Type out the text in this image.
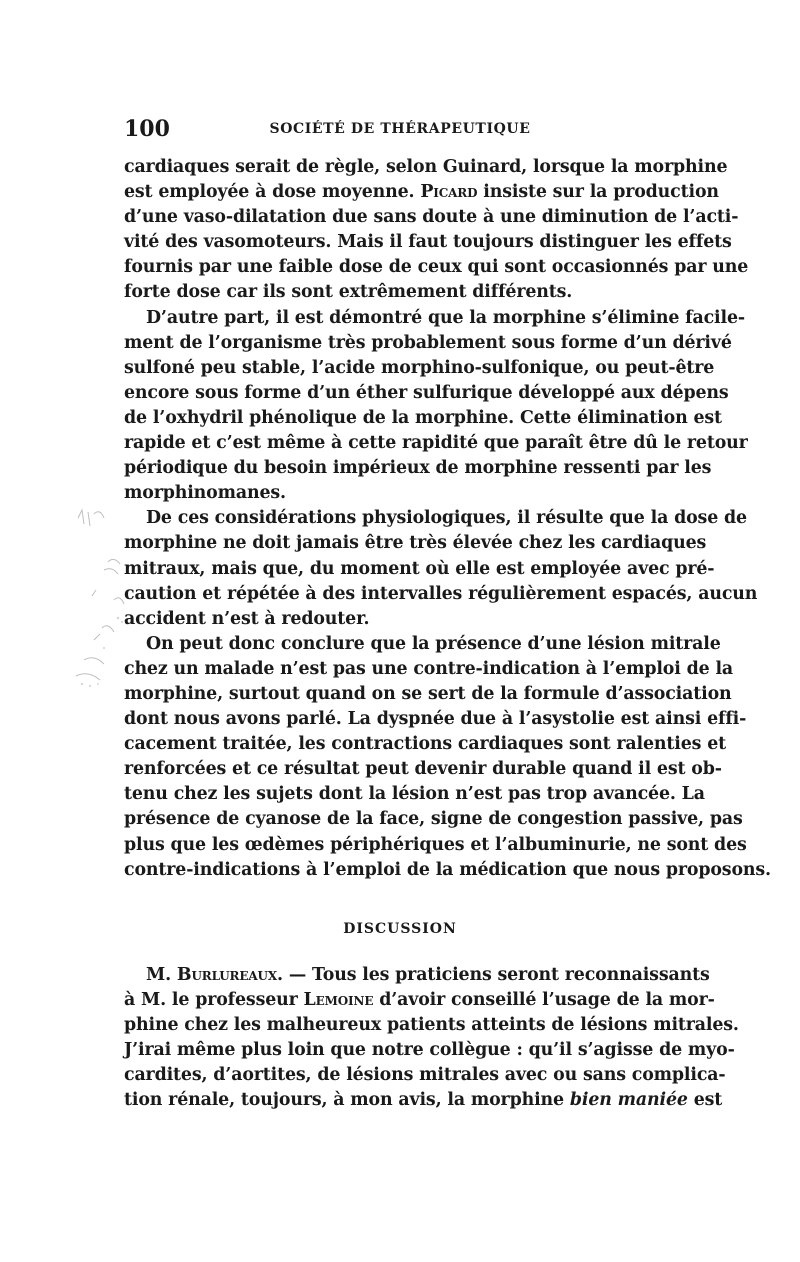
100	SOCIÉTÉ DE THÉRAPEUTIQUE
cardiaques serait de règle, selon Guinard, lorsque la morphine
est employée à dose moyenne. Picard insiste sur la production
d’une vaso-dilatation due sans doute à une diminution de l’acti-
vité des vasomoteurs. Mais il faut toujours distinguer les effets
fournis par une faible dose de ceux qui sont occasionnés par une
forte dose car ils sont extrêmement différents.
D’autre part, il est démontré que la morphine s’élimine facile-
ment de l’organisme très probablement sous forme d’un dérivé
sulfoné peu stable, l’acide morphino-sulfonique, ou peut-être
encore sous forme d’un éther sulfurique développé aux dépens
de l’oxhydril phénolique de la morphine. Cette élimination est
rapide et c’est même à cette rapidité que paraît être dû le retour
périodique du besoin impérieux de morphine ressenti par les
morphinomanes.
De ces considérations physiologiques, il résulte que la dose de
morphine ne doit jamais être très élevée chez les cardiaques
mitraux, mais que, du moment où elle est employée avec pré-
caution et répétée à des intervalles régulièrement espacés, aucun
accident n’est à redouter.
On peut donc conclure que la présence d’une lésion mitrale
chez un malade n’est pas une contre-indication à l’emploi de la
morphine, surtout quand on se sert de la formule d’association
dont nous avons parlé. La dyspnée due à l’asystolie est ainsi effi-
cacement traitée, les contractions cardiaques sont ralenties et
renforcées et ce résultat peut devenir durable quand il est ob-
tenu chez les sujets dont la lésion n’est pas trop avancée. La
présence de cyanose de la face, signe de congestion passive, pas
plus que les œdèmes périphériques et l’albuminurie, ne sont des
contre-indications à l’emploi de la médication que nous proposons.
DISCUSSION
M. Burlureaux. — Tous les praticiens seront reconnaissants
à M. le professeur Lemoine d’avoir conseillé l’usage de la mor-
phine chez les malheureux patients atteints de lésions mitrales.
J’irai même plus loin que notre collègue : qu’il s’agisse de myo-
cardites, d’aortites, de lésions mitrales avec ou sans complica-
tion rénale, toujours, à mon avis, la morphine bien maniée est
